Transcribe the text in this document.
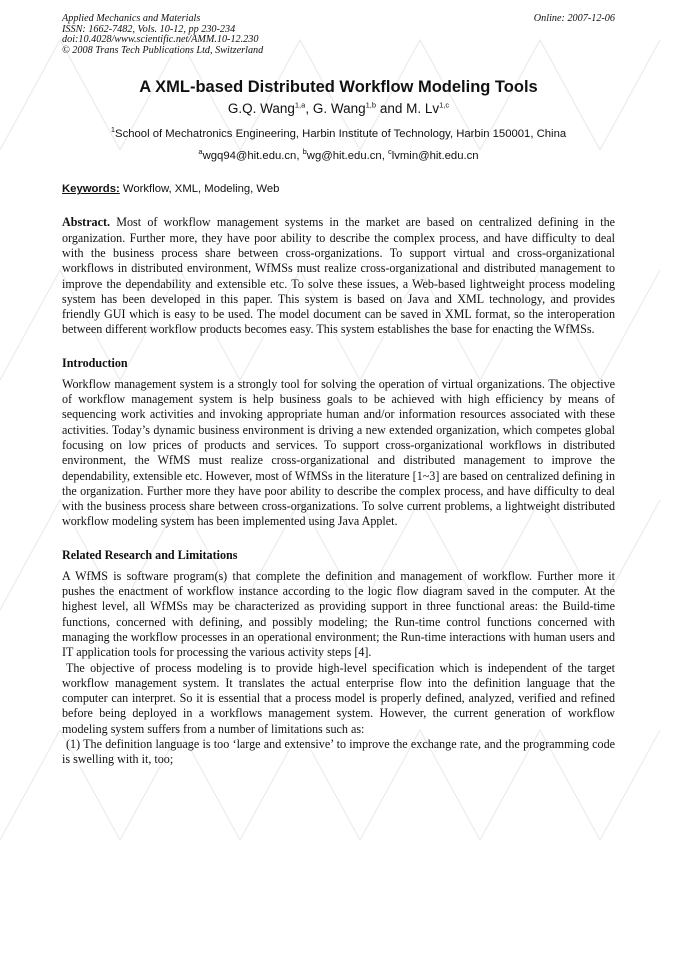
Applied Mechanics and Materials
ISSN: 1662-7482, Vols. 10-12, pp 230-234
doi:10.4028/www.scientific.net/AMM.10-12.230
© 2008 Trans Tech Publications Ltd, Switzerland
Online: 2007-12-06
A XML-based Distributed Workflow Modeling Tools
G.Q. Wang$^{1,a}$, G. Wang$^{1,b}$ and M. Lv$^{1,c}$
$^1$School of Mechatronics Engineering, Harbin Institute of Technology, Harbin 150001, China
$^a$wgq94@hit.edu.cn, $^b$wg@hit.edu.cn, $^c$lvmin@hit.edu.cn
Keywords: Workflow, XML, Modeling, Web

Abstract. Most of workflow management systems in the market are based on centralized defining in the organization. Further more, they have poor ability to describe the complex process, and have difficulty to deal with the business process share between cross-organizations. To support virtual and cross-organizational workflows in distributed environment, WfMSs must realize cross-organizational and distributed management to improve the dependability and extensible etc. To solve these issues, a Web-based lightweight process modeling system has been developed in this paper. This system is based on Java and XML technology, and provides friendly GUI which is easy to be used. The model document can be saved in XML format, so the interoperation between different workflow products becomes easy. This system establishes the base for enacting the WfMSs.

Introduction

Workflow management system is a strongly tool for solving the operation of virtual organizations. The objective of workflow management system is help business goals to be achieved with high efficiency by means of sequencing work activities and invoking appropriate human and/or information resources associated with these activities. Today’s dynamic business environment is driving a new extended organization, which competes global focusing on low prices of products and services. To support cross-organizational workflows in distributed environment, the WfMS must realize cross-organizational and distributed management to improve the dependability, extensible etc. However, most of WfMSs in the literature [1~3] are based on centralized defining in the organization. Further more they have poor ability to describe the complex process, and have difficulty to deal with the business process share between cross-organizations. To solve current problems, a lightweight distributed workflow modeling system has been implemented using Java Applet.

Related Research and Limitations

A WfMS is software program(s) that complete the definition and management of workflow. Further more it pushes the enactment of workflow instance according to the logic flow diagram saved in the computer. At the highest level, all WfMSs may be characterized as providing support in three functional areas: the Build-time functions, concerned with defining, and possibly modeling; the Run-time control functions concerned with managing the workflow processes in an operational environment; the Run-time interactions with human users and IT application tools for processing the various activity steps [4].

The objective of process modeling is to provide high-level specification which is independent of the target workflow management system. It translates the actual enterprise flow into the definition language that the computer can interpret. So it is essential that a process model is properly defined, analyzed, verified and refined before being deployed in a workflows management system. However, the current generation of workflow modeling system suffers from a number of limitations such as:

(1) The definition language is too ‘large and extensive’ to improve the exchange rate, and the programming code is swelling with it, too;
